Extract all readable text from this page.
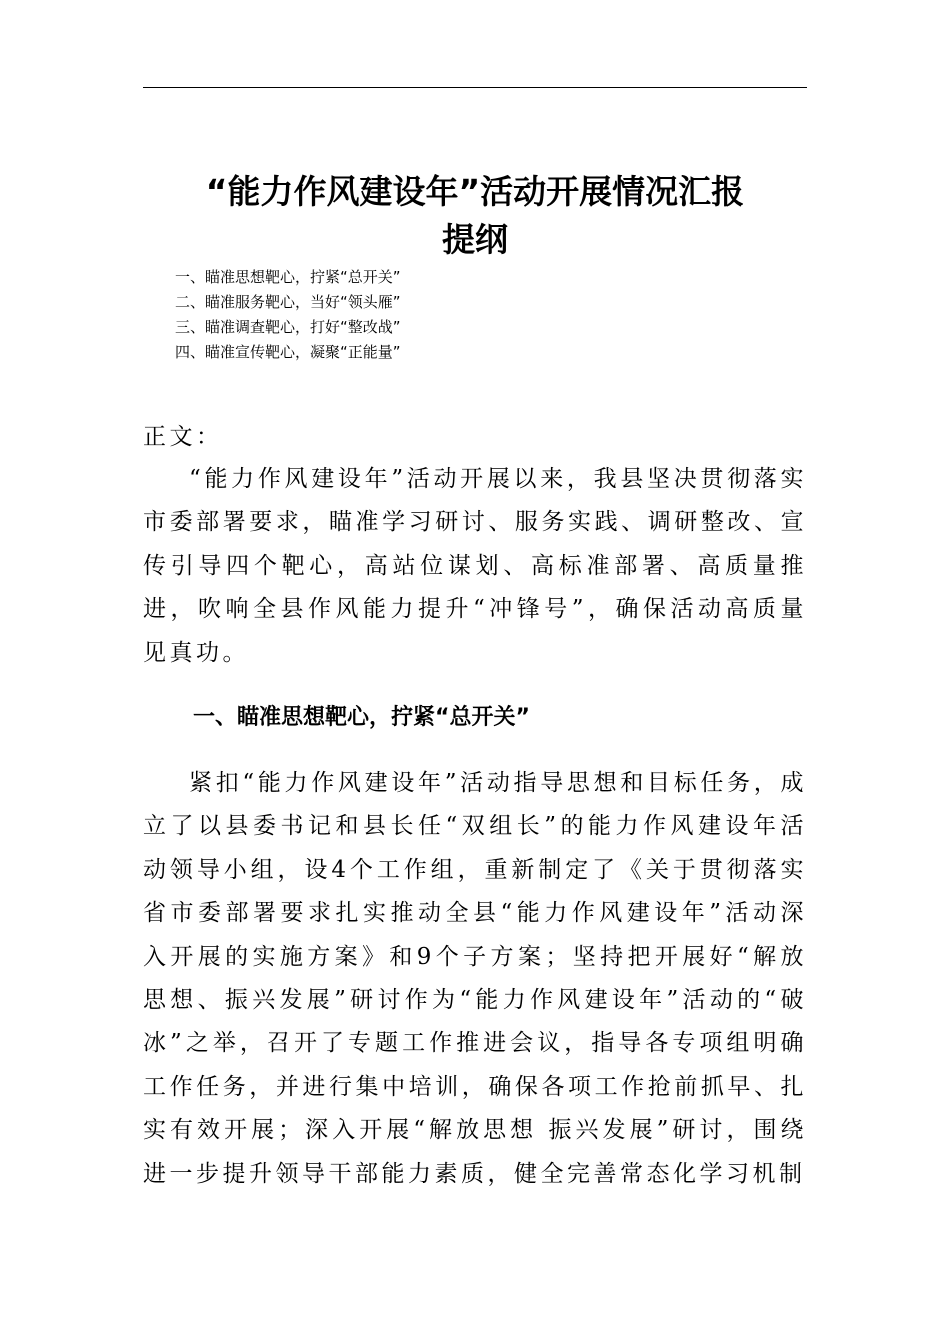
“能力作风建设年”活动开展情况汇报
提纲
一、瞄准思想靶心，拧紧“总开关”
二、瞄准服务靶心，当好“领头雁”
三、瞄准调查靶心，打好“整改战”
四、瞄准宣传靶心，凝聚“正能量”
正文：

“能力作风建设年”活动开展以来，我县坚决贯彻落实市委部署要求，瞄准学习研讨、服务实践、调研整改、宣传引导四个靶心，高站位谋划、高标准部署、高质量推进，吹响全县作风能力提升“冲锋号”，确保活动高质量见真功。

一、瞄准思想靶心，拧紧“总开关”

紧扣“能力作风建设年”活动指导思想和目标任务，成立了以县委书记和县长任“双组长”的能力作风建设年活动领导小组，设4个工作组，重新制定了《关于贯彻落实省市委部署要求扎实推动全县“能力作风建设年”活动深入开展的实施方案》和9个子方案；坚持把开展好“解放思想、振兴发展”研讨作为“能力作风建设年”活动的“破冰”之举，召开了专题工作推进会议，指导各专项组明确工作任务，并进行集中培训，确保各项工作抢前抓早、扎实有效开展；深入开展“解放思想 振兴发展”研讨，围绕进一步提升领导干部能力素质，健全完善常态化学习机制
